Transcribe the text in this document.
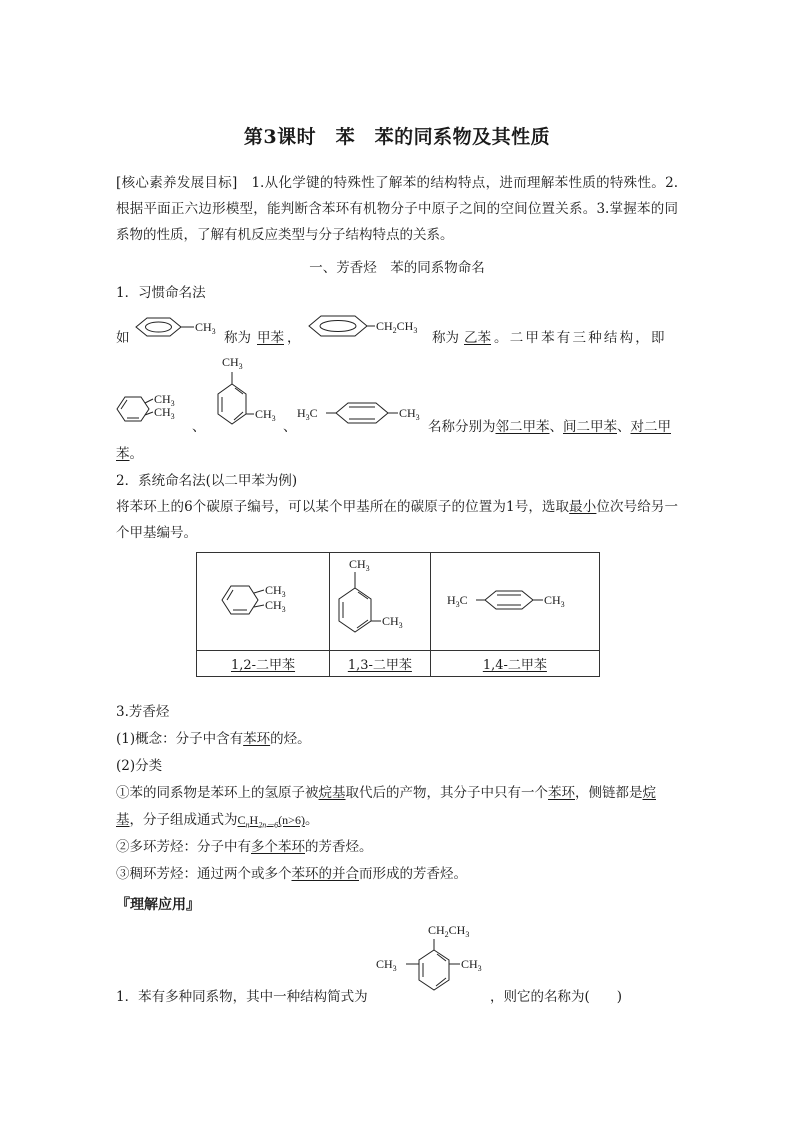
第3课时　苯　苯的同系物及其性质
[核心素养发展目标]　1.从化学键的特殊性了解苯的结构特点，进而理解苯性质的特殊性。2.根据平面正六边形模型，能判断含苯环有机物分子中原子之间的空间位置关系。3.掌握苯的同系物的性质，了解有机反应类型与分子结构特点的关系。
一、芳香烃　苯的同系物命名
1．习惯命名法
如
$CH_3$ 称为 甲苯 ，
$CH_2CH_3$ 称为 乙苯 。二甲苯有三种结构，即
$CH_3$
$CH_3$
、
$CH_3$
$CH_3$
、
$H_3C$	$CH_3$
名称分别为邻二甲苯、间二甲苯、对二甲
苯。
2．系统命名法(以二甲苯为例)
将苯环上的6个碳原子编号，可以某个甲基所在的碳原子的位置为1号，选取最小位次号给另一个甲基编号。
$CH_3$
$CH_3$	$CH_3$
$CH_3$	$H_3C$ $CH_3$

1,2-二甲苯	1,3-二甲苯	1,4-二甲苯
3.芳香烃
(1)概念：分子中含有苯环的烃。
(2)分类
①苯的同系物是苯环上的氢原子被烷基取代后的产物，其分子中只有一个苯环，侧链都是烷
基，分子组成通式为$C_nH_{2n-6}(n>6)$。
②多环芳烃：分子中有多个苯环的芳香烃。
③稠环芳烃：通过两个或多个苯环的并合而形成的芳香烃。
『理解应用』
$CH_2CH_3$
$CH_3$	$CH_3$
1．苯有多种同系物，其中一种结构简式为	，则它的名称为(　　)
